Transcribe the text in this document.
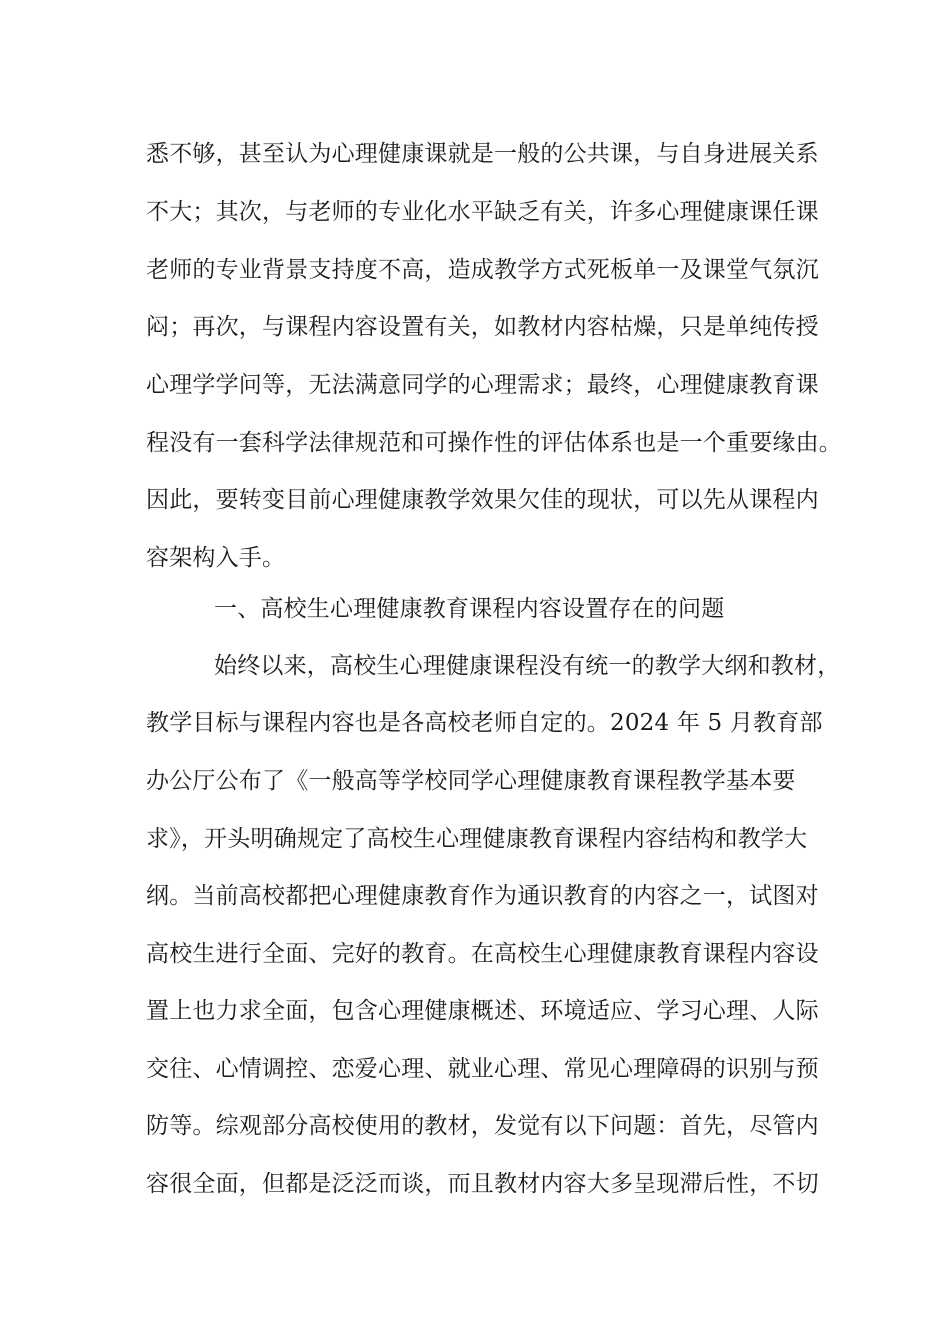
悉不够，甚至认为心理健康课就是一般的公共课，与自身进展关系
不大；其次，与老师的专业化水平缺乏有关，许多心理健康课任课
老师的专业背景支持度不高，造成教学方式死板单一及课堂气氛沉
闷；再次，与课程内容设置有关，如教材内容枯燥，只是单纯传授
心理学学问等，无法满意同学的心理需求；最终，心理健康教育课
程没有一套科学法律规范和可操作性的评估体系也是一个重要缘由。
因此，要转变目前心理健康教学效果欠佳的现状，可以先从课程内
容架构入手。
一、高校生心理健康教育课程内容设置存在的问题
始终以来，高校生心理健康课程没有统一的教学大纲和教材，
教学目标与课程内容也是各高校老师自定的。2024 年 5 月教育部
办公厅公布了《一般高等学校同学心理健康教育课程教学基本要
求》，开头明确规定了高校生心理健康教育课程内容结构和教学大
纲。当前高校都把心理健康教育作为通识教育的内容之一，试图对
高校生进行全面、完好的教育。在高校生心理健康教育课程内容设
置上也力求全面，包含心理健康概述、环境适应、学习心理、人际
交往、心情调控、恋爱心理、就业心理、常见心理障碍的识别与预
防等。综观部分高校使用的教材，发觉有以下问题：首先，尽管内
容很全面，但都是泛泛而谈，而且教材内容大多呈现滞后性，不切
